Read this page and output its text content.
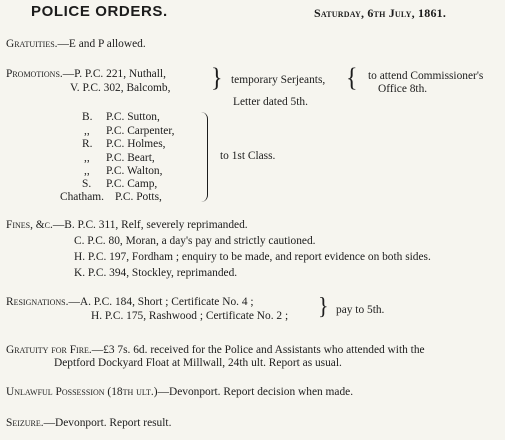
POLICE ORDERS.	Saturday, 6th July, 1861.
Gratuities.—E and P allowed.
Promotions.—P. P.C. 221, Nuthall,
V. P.C. 302, Balcomb, } temporary Serjeants, { to attend Commissioner's
Office 8th.
Letter dated 5th.
B. P.C. Sutton,
,, P.C. Carpenter,
R. P.C. Holmes,
,, P.C. Beart,
,, P.C. Walton,
S. P.C. Camp,
Chatham. P.C. Potts,
to 1st Class.
Fines, &c.—B. P.C. 311, Relf, severely reprimanded.
C. P.C. 80, Moran, a day's pay and strictly cautioned.
H. P.C. 197, Fordham ; enquiry to be made, and report evidence on both sides.
K. P.C. 394, Stockley, reprimanded.
Resignations.—A. P.C. 184, Short ; Certificate No. 4 ;
H. P.C. 175, Rashwood ; Certificate No. 2 ; } pay to 5th.
Gratuity for Fire.—£3 7s. 6d. received for the Police and Assistants who attended with the
Deptford Dockyard Float at Millwall, 24th ult. Report as usual.
Unlawful Possession (18th ult.)—Devonport. Report decision when made.
Seizure.—Devonport. Report result.
